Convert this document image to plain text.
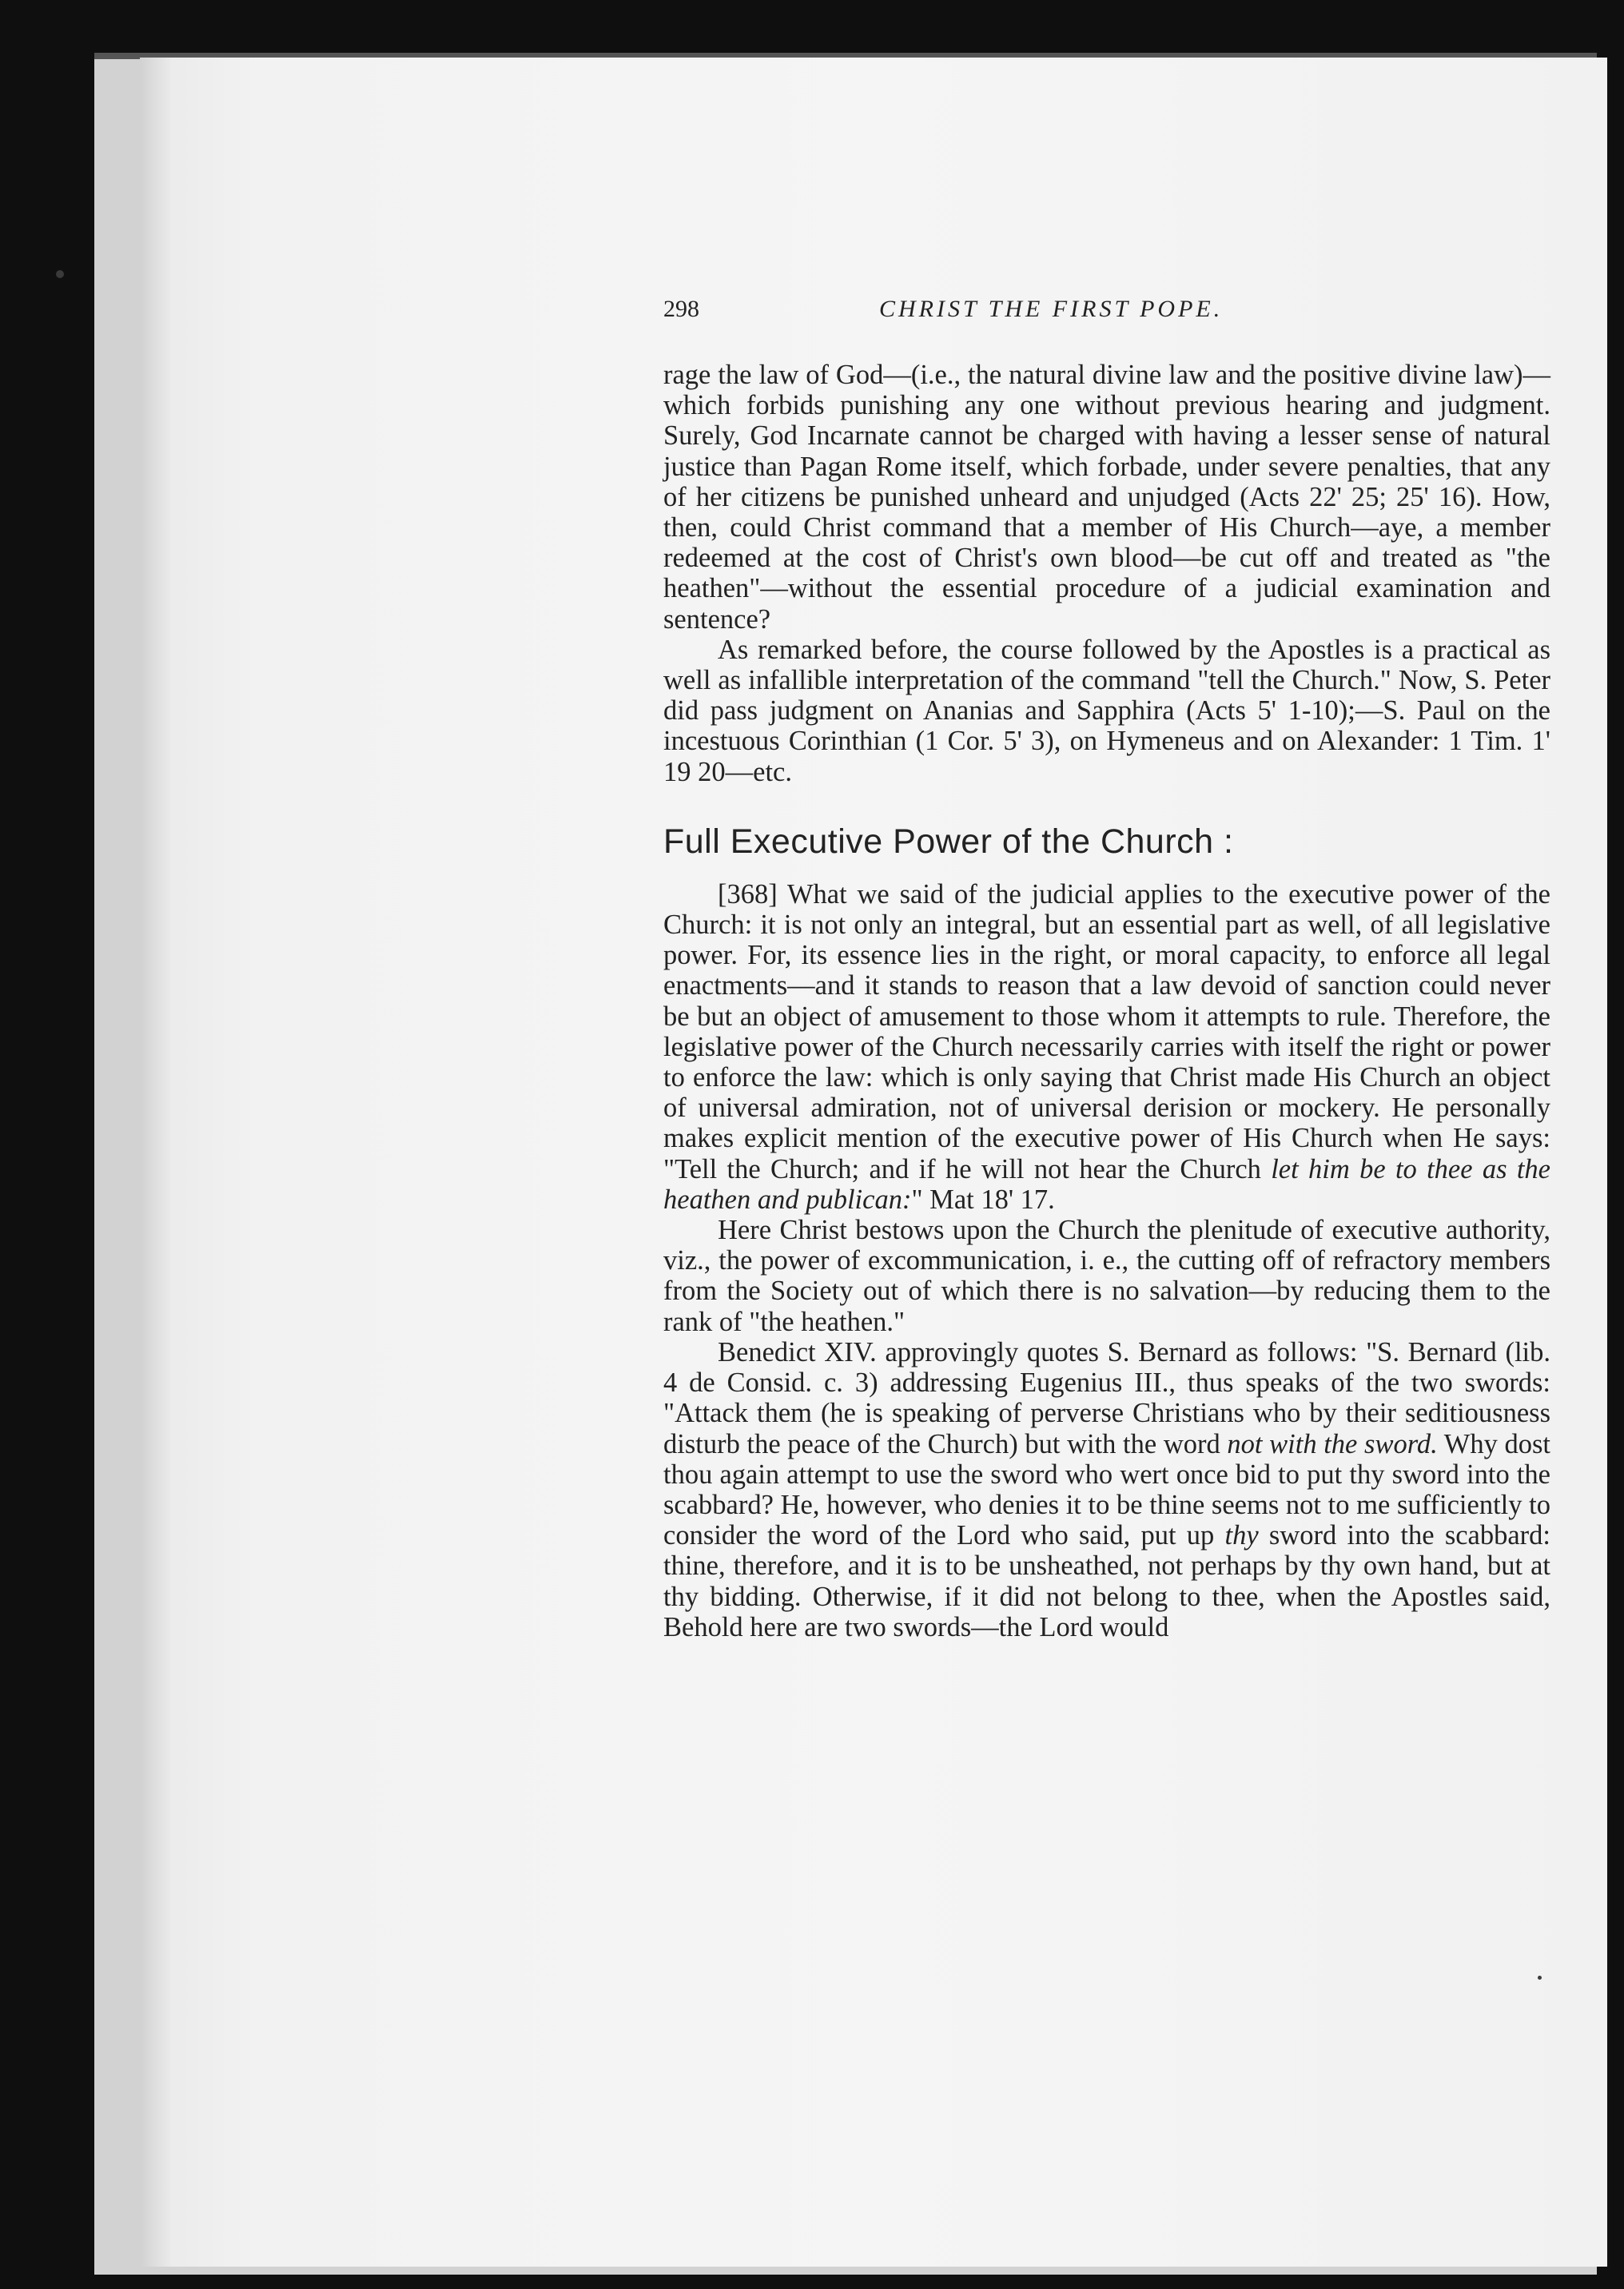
298	CHRIST THE FIRST POPE.

rage the law of God—(i.e., the natural divine law and the positive divine law)—which forbids punishing any one without previous hearing and judgment. Surely, God Incarnate cannot be charged with having a lesser sense of natural justice than Pagan Rome itself, which forbade, under severe penalties, that any of her citizens be punished unheard and unjudged (Acts 22' 25; 25' 16). How, then, could Christ command that a member of His Church—aye, a member redeemed at the cost of Christ's own blood—be cut off and treated as "the heathen"—without the essential procedure of a judicial examination and sentence?

As remarked before, the course followed by the Apostles is a practical as well as infallible interpretation of the command "tell the Church." Now, S. Peter did pass judgment on Ananias and Sapphira (Acts 5' 1-10);—S. Paul on the incestuous Corinthian (1 Cor. 5' 3), on Hymeneus and on Alexander: 1 Tim. 1' 19 20—etc.

Full Executive Power of the Church :

[368] What we said of the judicial applies to the executive power of the Church: it is not only an integral, but an essential part as well, of all legislative power. For, its essence lies in the right, or moral capacity, to enforce all legal enactments—and it stands to reason that a law devoid of sanction could never be but an object of amusement to those whom it attempts to rule. Therefore, the legislative power of the Church necessarily carries with itself the right or power to enforce the law: which is only saying that Christ made His Church an object of universal admiration, not of universal derision or mockery. He personally makes explicit mention of the executive power of His Church when He says: "Tell the Church; and if he will not hear the Church let him be to thee as the heathen and publican:" Mat 18' 17.

Here Christ bestows upon the Church the plenitude of executive authority, viz., the power of excommunication, i. e., the cutting off of refractory members from the Society out of which there is no salvation—by reducing them to the rank of "the heathen."

Benedict XIV. approvingly quotes S. Bernard as follows: "S. Bernard (lib. 4 de Consid. c. 3) addressing Eugenius III., thus speaks of the two swords: "Attack them (he is speaking of perverse Christians who by their seditiousness disturb the peace of the Church) but with the word not with the sword. Why dost thou again attempt to use the sword who wert once bid to put thy sword into the scabbard? He, however, who denies it to be thine seems not to me sufficiently to consider the word of the Lord who said, put up thy sword into the scabbard: thine, therefore, and it is to be unsheathed, not perhaps by thy own hand, but at thy bidding. Otherwise, if it did not belong to thee, when the Apostles said, Behold here are two swords—the Lord would
